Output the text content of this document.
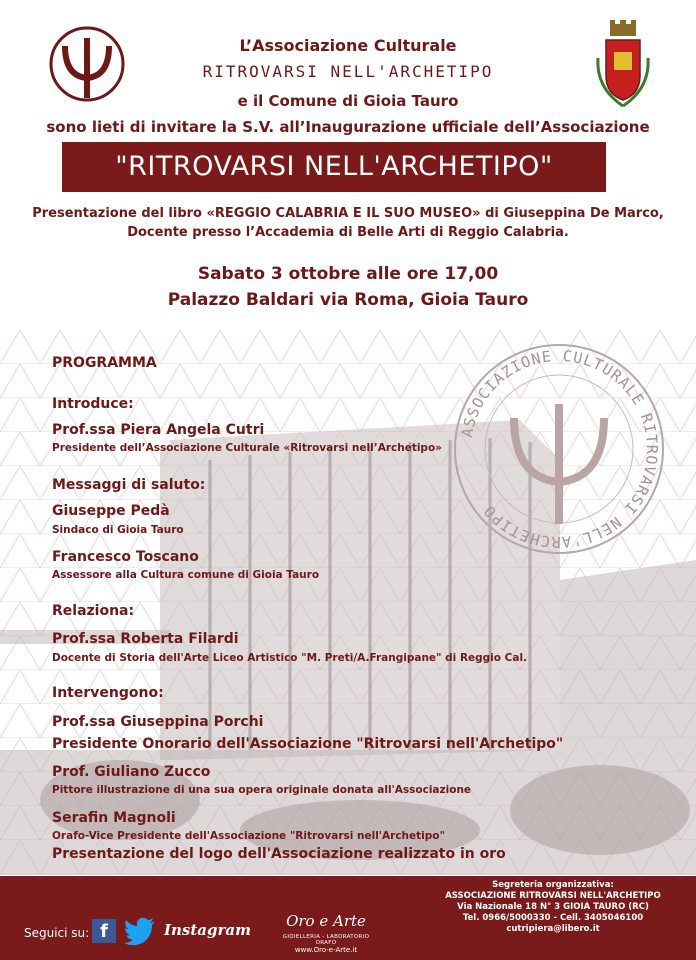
L’Associazione Culturale
RITROVARSI NELL'ARCHETIPO
e il Comune di Gioia Tauro
sono lieti di invitare la S.V. all’Inaugurazione ufficiale dell’Associazione
"RITROVARSI NELL'ARCHETIPO"
Presentazione del libro «REGGIO CALABRIA E IL SUO MUSEO» di Giuseppina De Marco,
Docente presso l’Accademia di Belle Arti di Reggio Calabria.
Sabato 3 ottobre alle ore 17,00
Palazzo Baldari via Roma, Gioia Tauro
ASSOCIAZIONE CULTURALE RITROVARSI NELL'ARCHETIPO
PROGRAMMA
Introduce:
Prof.ssa Piera Angela Cutri
Presidente dell’Associazione Culturale «Ritrovarsi nell’Archetipo»
Messaggi di saluto:
Giuseppe Pedà
Sindaco di Gioia Tauro
Francesco Toscano
Assessore alla Cultura comune di Gioia Tauro
Relaziona:
Prof.ssa Roberta Filardi
Docente di Storia dell'Arte Liceo Artistico "M. Preti/A.Frangipane" di Reggio Cal.
Intervengono:
Prof.ssa Giuseppina Porchi
Presidente Onorario dell'Associazione "Ritrovarsi nell'Archetipo"
Prof. Giuliano Zucco
Pittore illustrazione di una sua opera originale donata all'Associazione
Serafin Magnoli
Orafo-Vice Presidente dell'Associazione "Ritrovarsi nell'Archetipo"
Presentazione del logo dell'Associazione realizzato in oro
Seguici su: f	Instagram	Oro e Arte
GIOIELLERIA - LABORATORIO ORAFO
www.Oro-e-Arte.it
Segreteria organizzativa:
ASSOCIAZIONE RITROVARSI NELL'ARCHETIPO
Via Nazionale 18 N° 3 GIOIA TAURO (RC)
Tel. 0966/5000330 - Cell. 3405046100
cutripiera@libero.it
